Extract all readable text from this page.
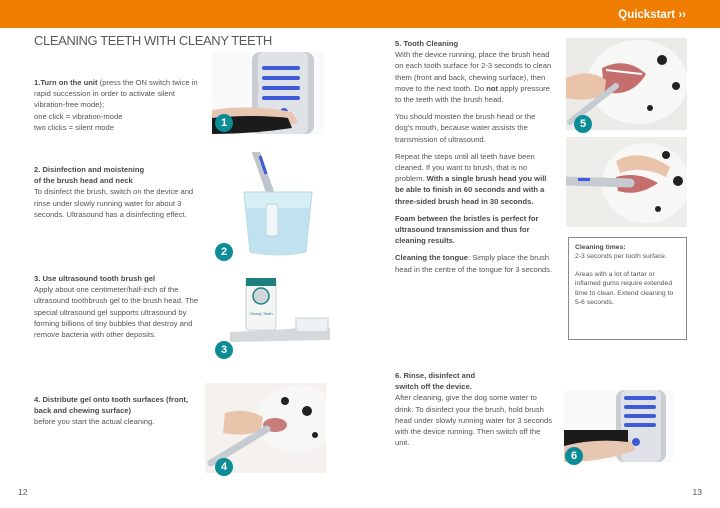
Quickstart ››
CLEANING TEETH WITH CLEANY TEETH
1.Turn on the unit (press the ON switch twice in rapid succession in order to activate silent vibration-free mode);
one click = vibration-mode
two clicks = silent mode
2. Disinfection and moistening
of the brush head and neck
To disinfect the brush, switch on the device and rinse under slowly running water for about 3 seconds. Ultrasound has a disinfecting effect.
3. Use ultrasound tooth brush gel
Apply about one centimeter/half-inch of the ultrasound toothbrush gel to the brush head. The special ultrasound gel supports ultrasound by forming billions of tiny bubbles that destroy and remove bacteria with other deposits.
4. Distribute gel onto tooth surfaces (front, back and chewing surface)
before you start the actual cleaning.
12
1
2
Cleany Teeth
3
4

5. Tooth Cleaning
With the device running, place the brush head on each tooth surface for 2-3 seconds to clean them (front and back, chewing surface), then move to the next tooth. Do not apply pressure to the teeth with the brush head.

You should moisten the brush head or the dog’s mouth, because water assists the transmission of ultrasound.

Repeat the steps until all teeth have been cleaned. If you want to brush, that is no problem. With a single brush head you will be able to finish in 60 seconds and with a three-sided brush head in 30 seconds.

Foam between the bristles is perfect for ultrasound transmission and thus for cleaning results.

Cleaning the tongue: Simply place the brush head in the centre of the tongue for 3 seconds.

6. Rinse, disinfect and
switch off the device.
After cleaning, give the dog some water to drink. To disinfect your the brush, hold brush head under slowly running water for 3 seconds with the device running. Then switch off the unit.
13
5
Cleaning times:
2-3 seconds per tooth surface.
Areas with a lot of tartar or inflamed gums require extended time to clean. Extend cleaning to 5-6 seconds.
6
